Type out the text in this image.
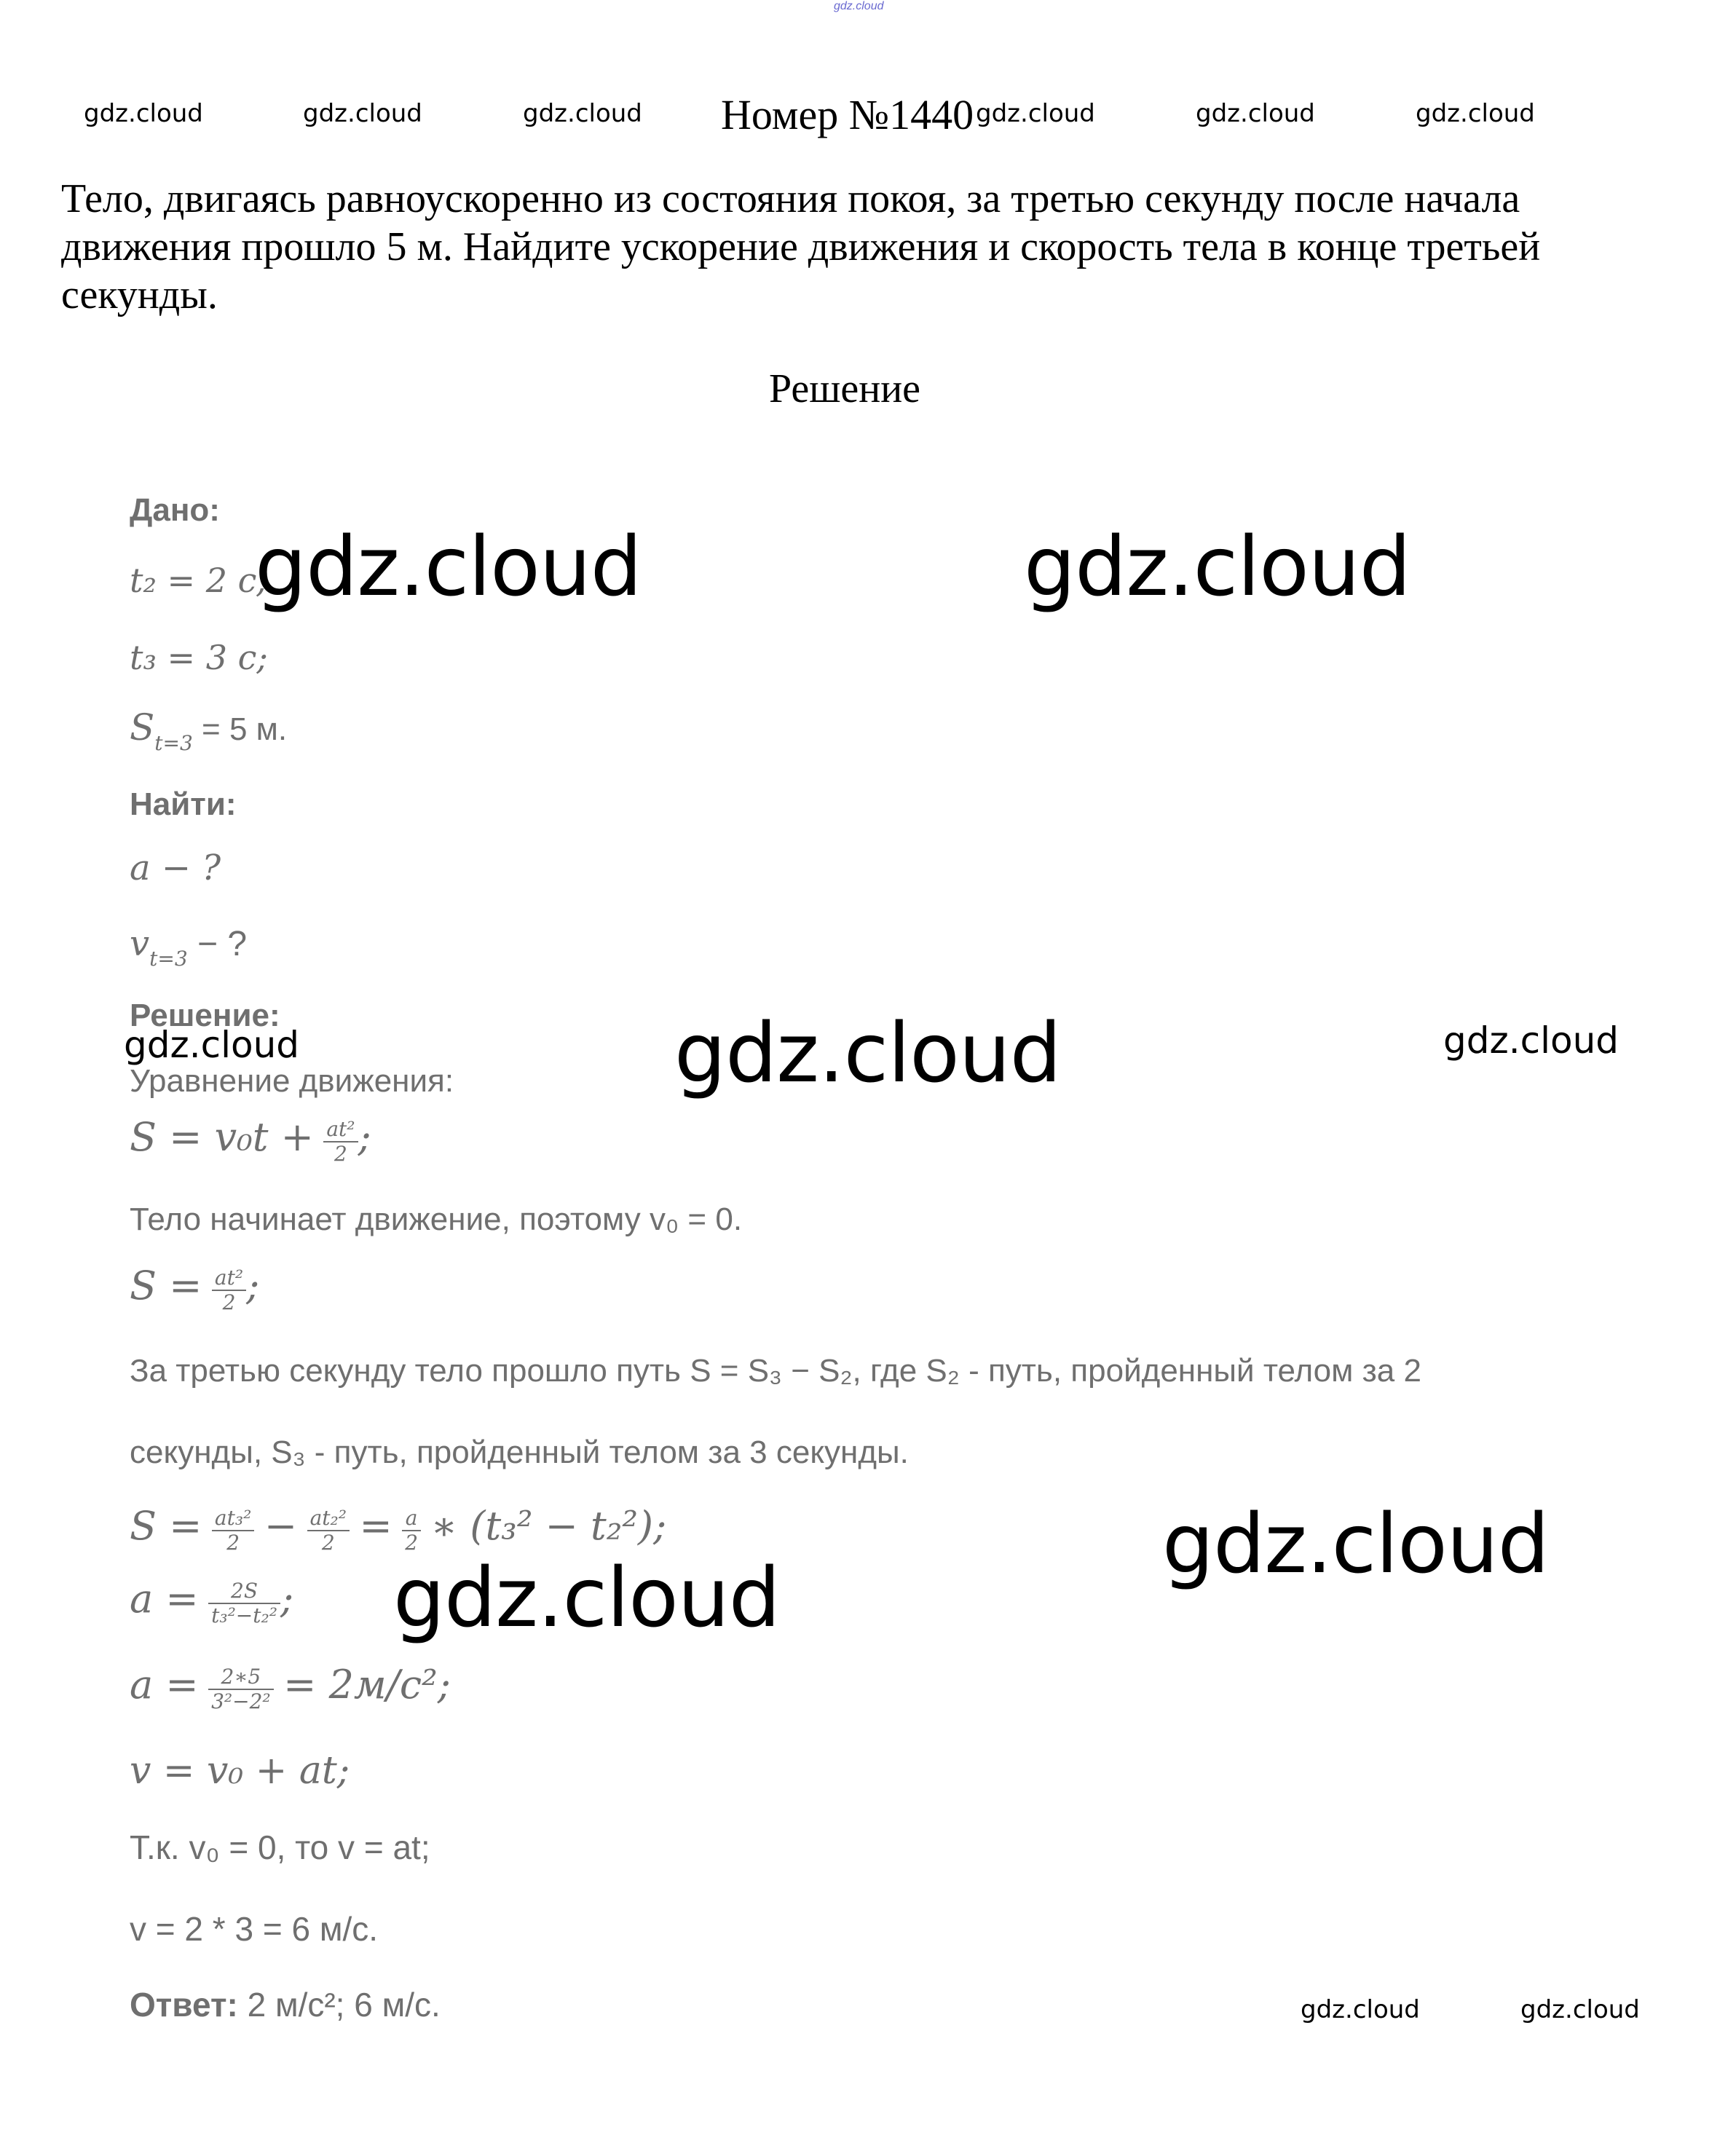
gdz.cloud
gdz.cloud	gdz.cloud	gdz.cloud Номер №1440 gdz.cloud	gdz.cloud	gdz.cloud
Тело, двигаясь равноускоренно из состояния покоя, за третью секунду после начала движения прошло 5 м. Найдите ускорение движения и скорость тела в конце третьей секунды.
Решение
Дано:
t₂ = 2 с;
t₃ = 3 с;
$S_{t=3} = 5$ м.
Найти:
a − ?
$v_{t=3}$ − ?
Решение:
Уравнение движения:
$S = v_0t + \frac{\text{at²}}{2}$ ;
Тело начинает движение, поэтому v₀ = 0.
$S = \frac{\text{at²}}{2}$ ;
За третью секунду тело прошло путь S = S₃ − S₂, где S₂ - путь, пройденный телом за 2
секунды, S₃ - путь, пройденный телом за 3 секунды.
$S = \frac{\text{at₃²}}{2} - \frac{\text{at₂²}}{2} = \frac{a}{2}$ ∗ (t₃² − t₂²);
$a = \frac{2S}{\text{t₃²−t₂²}}$ ;
$a = \frac{2∗5}{\text{3²−2²}} = 2м/с^2$;
v = v₀ + at;
Т.к. v₀ = 0, то v = at;
v = 2 * 3 = 6 м/с.
Ответ: 2 м/с²; 6 м/с.
gdz.cloud	gdz.cloud
gdz.cloud
gdz.cloud
gdz.cloud
gdz.cloud	gdz.cloud
gdz.cloud	gdz.cloud
